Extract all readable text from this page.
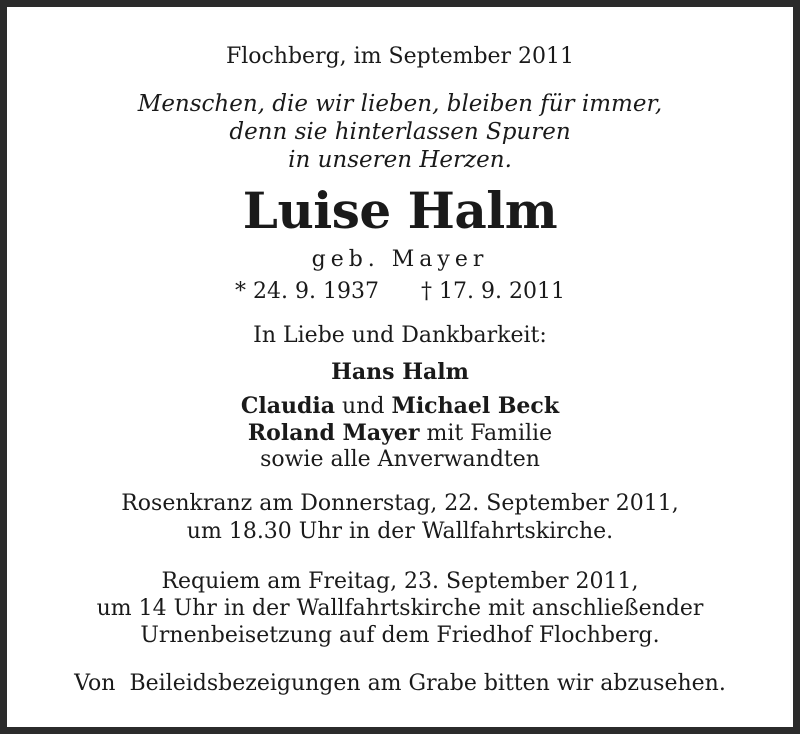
Flochberg, im September 2011
Menschen, die wir lieben, bleiben für immer,
denn sie hinterlassen Spuren
in unseren Herzen.
Luise Halm
geb. Mayer
* 24. 9. 1937 † 17. 9. 2011
In Liebe und Dankbarkeit:
Hans Halm
Claudia und Michael Beck
Roland Mayer mit Familie
sowie alle Anverwandten
Rosenkranz am Donnerstag, 22. September 2011,
um 18.30 Uhr in der Wallfahrtskirche.
Requiem am Freitag, 23. September 2011,
um 14 Uhr in der Wallfahrtskirche mit anschließender
Urnenbeisetzung auf dem Friedhof Flochberg.
Von  Beileidsbezeigungen am Grabe bitten wir abzusehen.
